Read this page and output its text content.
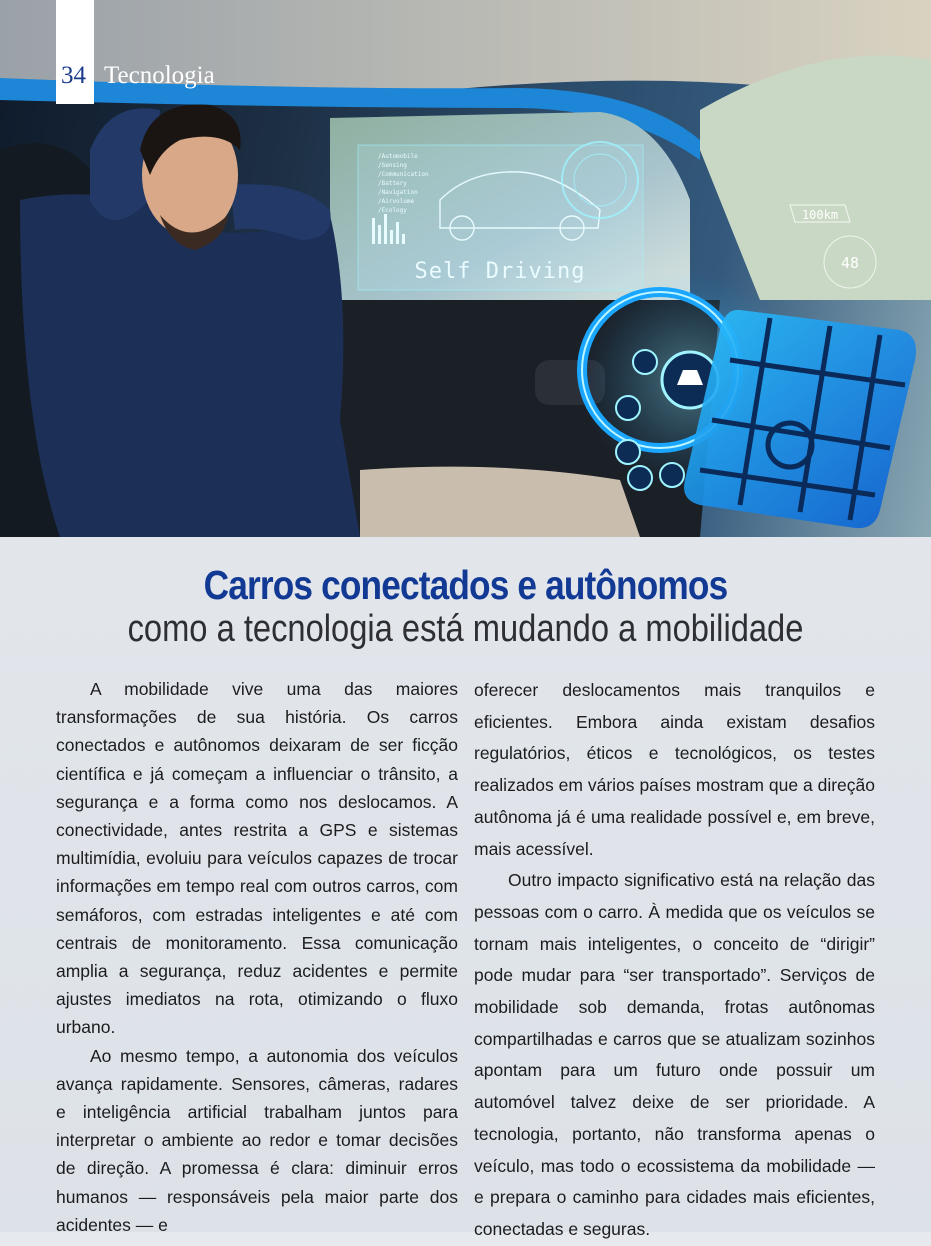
Self Driving
/Automobile /Sensing /Communication /Battery /Navigation /Airvolume /Ecology	100km
48
34 Tecnologia
Carros conectados e autônomos
como a tecnologia está mudando a mobilidade

A mobilidade vive uma das maiores transformações de sua história. Os carros conectados e autônomos deixaram de ser ficção científica e já começam a influenciar o trânsito, a segurança e a forma como nos deslocamos. A conectividade, antes restrita a GPS e sistemas multimídia, evoluiu para veículos capazes de trocar informações em tempo real com outros carros, com semáforos, com estradas inteligentes e até com centrais de monitoramento. Essa comunicação amplia a segurança, reduz acidentes e permite ajustes imediatos na rota, otimizando o fluxo urbano.

Ao mesmo tempo, a autonomia dos veículos avança rapidamente. Sensores, câmeras, radares e inteligência artificial trabalham juntos para interpretar o ambiente ao redor e tomar decisões de direção. A promessa é clara: diminuir erros humanos — responsáveis pela maior parte dos acidentes — e

oferecer deslocamentos mais tranquilos e eficientes. Embora ainda existam desafios regulatórios, éticos e tecnológicos, os testes realizados em vários países mostram que a direção autônoma já é uma realidade possível e, em breve, mais acessível.

Outro impacto significativo está na relação das pessoas com o carro. À medida que os veículos se tornam mais inteligentes, o conceito de “dirigir” pode mudar para “ser transportado”. Serviços de mobilidade sob demanda, frotas autônomas compartilhadas e carros que se atualizam sozinhos apontam para um futuro onde possuir um automóvel talvez deixe de ser prioridade. A tecnologia, portanto, não transforma apenas o veículo, mas todo o ecossistema da mobilidade — e prepara o caminho para cidades mais eficientes, conectadas e seguras.
